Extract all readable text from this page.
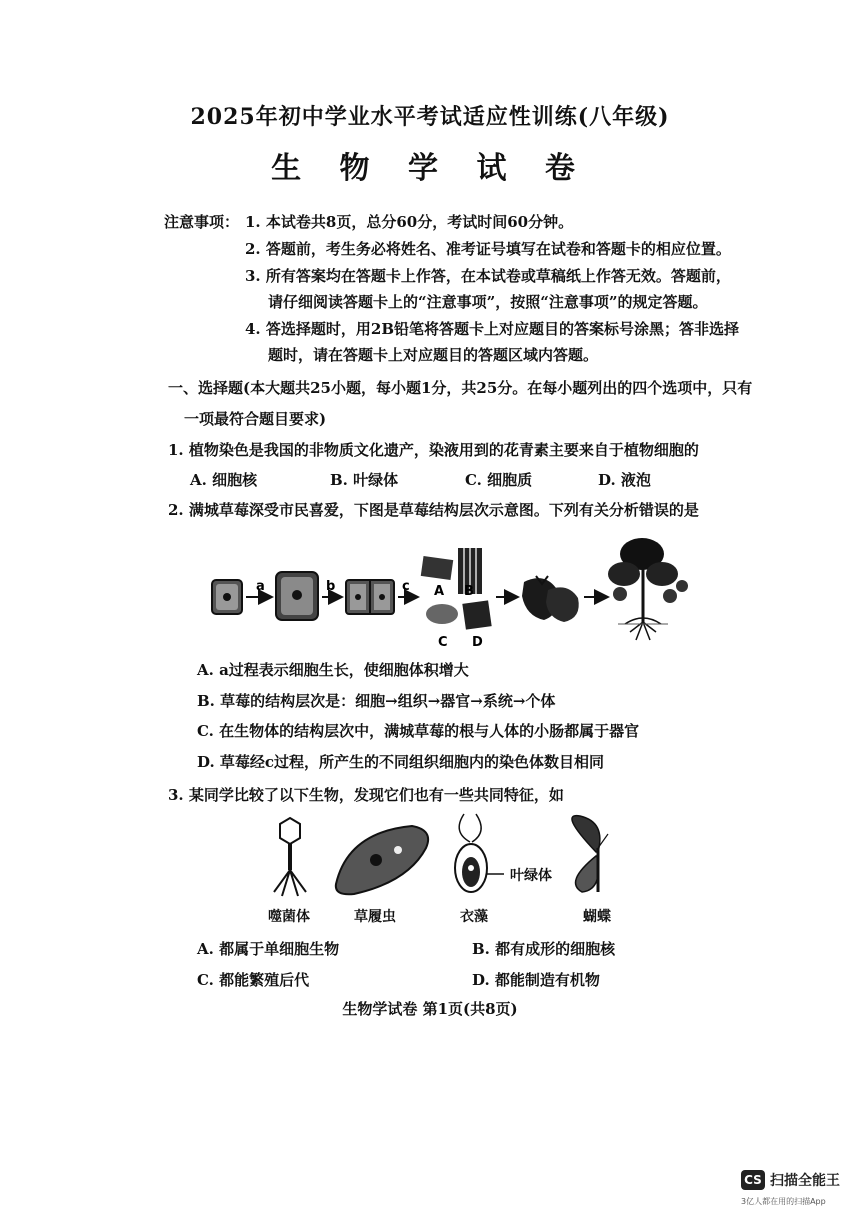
2025年初中学业水平考试适应性训练(八年级)
生 物 学 试 卷
注意事项： 1. 本试卷共8页，总分60分，考试时间60分钟。
2. 答题前，考生务必将姓名、准考证号填写在试卷和答题卡的相应位置。
3. 所有答案均在答题卡上作答，在本试卷或草稿纸上作答无效。答题前，
请仔细阅读答题卡上的“注意事项”，按照“注意事项”的规定答题。
4. 答选择题时，用2B铅笔将答题卡上对应题目的答案标号涂黑；答非选择
题时，请在答题卡上对应题目的答题区域内答题。
一、选择题(本大题共25小题，每小题1分，共25分。在每小题列出的四个选项中，只有
一项最符合题目要求)
1. 植物染色是我国的非物质文化遗产，染液用到的花青素主要来自于植物细胞的
A. 细胞核	B. 叶绿体	C. 细胞质	D. 液泡
2. 满城草莓深受市民喜爱，下图是草莓结构层次示意图。下列有关分析错误的是
a	b	c A B
C D
A. a过程表示细胞生长，使细胞体积增大
B. 草莓的结构层次是：细胞→组织→器官→系统→个体
C. 在生物体的结构层次中，满城草莓的根与人体的小肠都属于器官
D. 草莓经c过程，所产生的不同组织细胞内的染色体数目相同
3. 某同学比较了以下生物，发现它们也有一些共同特征，如
叶绿体
噬菌体	草履虫	衣藻	蝴蝶
A. 都属于单细胞生物	B. 都有成形的细胞核
C. 都能繁殖后代	D. 都能制造有机物
生物学试卷 第1页(共8页)
CS 扫描全能王
3亿人都在用的扫描App
